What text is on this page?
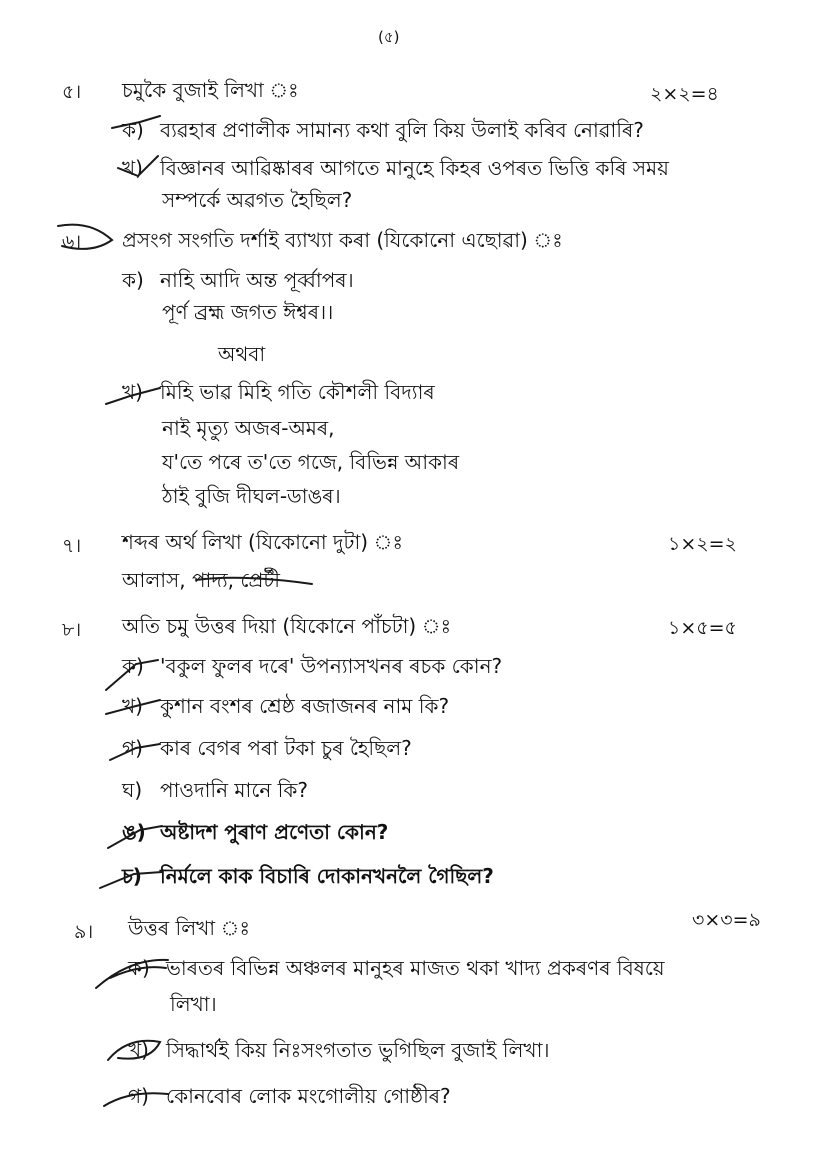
(৫)
৫। চমুকৈ বুজাই লিখা ঃ	২×২=৪
ক) ব্যৱহাৰ প্ৰণালীক সামান্য কথা বুলি কিয় উলাই কৰিব নোৱাৰি?
খ) বিজ্ঞানৰ আৱিষ্কাৰৰ আগতে মানুহে কিহৰ ওপৰত ভিত্তি কৰি সময়
সম্পৰ্কে অৱগত হৈছিল?
৬। প্ৰসংগ সংগতি দৰ্শাই ব্যাখ্যা কৰা (যিকোনো এছোৱা) ঃ
ক) নাহি আদি অন্ত পূৰ্ব্বাপৰ।
পূৰ্ণ ব্ৰহ্ম জগত ঈশ্বৰ।।
অথবা
খ) মিহি ভাৱ মিহি গতি কৌশলী বিদ্যাৰ
নাই মৃত্যু অজৰ-অমৰ,
য'তে পৰে ত'তে গজে, বিভিন্ন আকাৰ
ঠাই বুজি দীঘল-ডাঙৰ।
৭। শব্দৰ অৰ্থ লিখা (যিকোনো দুটা) ঃ	১×২=২
আলাস, পাদ্য, প্ৰেৰ্টী
৮। অতি চমু উত্তৰ দিয়া (যিকোনে পাঁচটা) ঃ	১×৫=৫
ক) 'বকুল ফুলৰ দৰে' উপন্যাসখনৰ ৰচক কোন?
খ) কুশান বংশৰ শ্ৰেষ্ঠ ৰজাজনৰ নাম কি?
গ) কাৰ বেগৰ পৰা টকা চুৰ হৈছিল?
ঘ) পাওদানি মানে কি?
ঙ) অষ্টাদশ পুৰাণ প্ৰণেতা কোন?
চ) নিৰ্মলে কাক বিচাৰি দোকানখনলৈ গৈছিল?
৯। উত্তৰ লিখা ঃ	৩×৩=৯
ক) ভাৰতৰ বিভিন্ন অঞ্চলৰ মানুহৰ মাজত থকা খাদ্য প্ৰকৰণৰ বিষয়ে
লিখা।
খ) সিদ্ধাৰ্থই কিয় নিঃসংগতাত ভুগিছিল বুজাই লিখা।
গ) কোনবোৰ লোক মংগোলীয় গোষ্ঠীৰ?
